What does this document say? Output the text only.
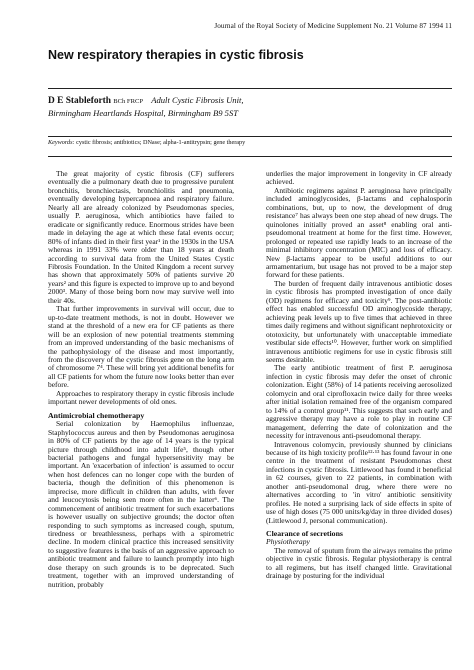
Journal of the Royal Society of Medicine Supplement No. 21 Volume 87 1994 11
New respiratory therapies in cystic fibrosis
D E Stableforth BCh FRCP Adult Cystic Fibrosis Unit,
Birmingham Heartlands Hospital, Birmingham B9 5ST
Keywords: cystic fibrosis; antibiotics; DNase; alpha-1-antitrypsin; gene therapy

The great majority of cystic fibrosis (CF) sufferers eventually die a pulmonary death due to progressive purulent bronchitis, bronchiectasis, bronchiolitis and pneumonia, eventually developing hypercapnoea and respiratory failure. Nearly all are already colonized by Pseudomonas species, usually P. aeruginosa, which antibiotics have failed to eradicate or significantly reduce. Enormous strides have been made in delaying the age at which these fatal events occur; 80% of infants died in their first year¹ in the 1930s in the USA whereas in 1991 33% were older than 18 years at death according to survival data from the United States Cystic Fibrosis Foundation. In the United Kingdom a recent survey has shown that approximately 50% of patients survive 20 years² and this figure is expected to improve up to and beyond 2000³. Many of those being born now may survive well into their 40s.

That further improvements in survival will occur, due to up-to-date treatment methods, is not in doubt. However we stand at the threshold of a new era for CF patients as there will be an explosion of new potential treatments stemming from an improved understanding of the basic mechanisms of the pathophysiology of the disease and most importantly, from the discovery of the cystic fibrosis gene on the long arm of chromosome 7⁴. These will bring yet additional benefits for all CF patients for whom the future now looks better than ever before.

Approaches to respiratory therapy in cystic fibrosis include important newer developments of old ones.

Antimicrobial chemotherapy

Serial colonization by Haemophilus influenzae, Staphylococcus aureus and then by Pseudomonas aeruginosa in 80% of CF patients by the age of 14 years is the typical picture through childhood into adult life⁵, though other bacterial pathogens and fungal hypersensitivity may be important. An 'exacerbation of infection' is assumed to occur when host defences can no longer cope with the burden of bacteria, though the definition of this phenomenon is imprecise, more difficult in children than adults, with fever and leucocytosis being seen more often in the latter⁶. The commencement of antibiotic treatment for such exacerbations is however usually on subjective grounds; the doctor often responding to such symptoms as increased cough, sputum, tiredness or breathlessness, perhaps with a spirometric decline. In modern clinical practice this increased sensitivity to suggestive features is the basis of an aggressive approach to antibiotic treatment and failure to launch promptly into high dose therapy on such grounds is to be deprecated. Such treatment, together with an improved understanding of nutrition, probably

underlies the major improvement in longevity in CF already achieved.

Antibiotic regimens against P. aeruginosa have principally included aminoglycosides, β-lactams and cephalosporin combinations, but, up to now, the development of drug resistance⁷ has always been one step ahead of new drugs. The quinolones initially proved an asset⁸ enabling oral anti-pseudomonal treatment at home for the first time. However, prolonged or repeated use rapidly leads to an increase of the minimal inhibitory concentration (MIC) and loss of efficacy. New β-lactams appear to be useful additions to our armamentarium, but usage has not proved to be a major step forward for these patients.

The burden of frequent daily intravenous antibiotic doses in cystic fibrosis has prompted investigation of once daily (OD) regimens for efficacy and toxicity⁹. The post-antibiotic effect has enabled successful OD aminoglycoside therapy, achieving peak levels up to five times that achieved in three times daily regimens and without significant nephrotoxicity or ototoxicity, but unfortunately with unacceptable immediate vestibular side effects¹⁰. However, further work on simplified intravenous antibiotic regimens for use in cystic fibrosis still seems desirable.

The early antibiotic treatment of first P. aeruginosa infection in cystic fibrosis may defer the onset of chronic colonization. Eight (58%) of 14 patients receiving aerosolized colomycin and oral ciprofloxacin twice daily for three weeks after initial isolation remained free of the organism compared to 14% of a control group¹¹. This suggests that such early and aggressive therapy may have a role to play in routine CF management, deferring the date of colonization and the necessity for intravenous anti-pseudomonal therapy.

Intravenous colomycin, previously shunned by clinicians because of its high toxicity profile¹²·¹³ has found favour in one centre in the treatment of resistant Pseudomonas chest infections in cystic fibrosis. Littlewood has found it beneficial in 62 courses, given to 22 patients, in combination with another anti-pseudomonal drug, where there were no alternatives according to 'in vitro' antibiotic sensitivity profiles. He noted a surprising lack of side effects in spite of use of high doses (75 000 units/kg/day in three divided doses) (Littlewood J, personal communication).

Clearance of secretions
Physiotherapy

The removal of sputum from the airways remains the prime objective in cystic fibrosis. Regular physiotherapy is central to all regimens, but has itself changed little. Gravitational drainage by posturing for the individual
